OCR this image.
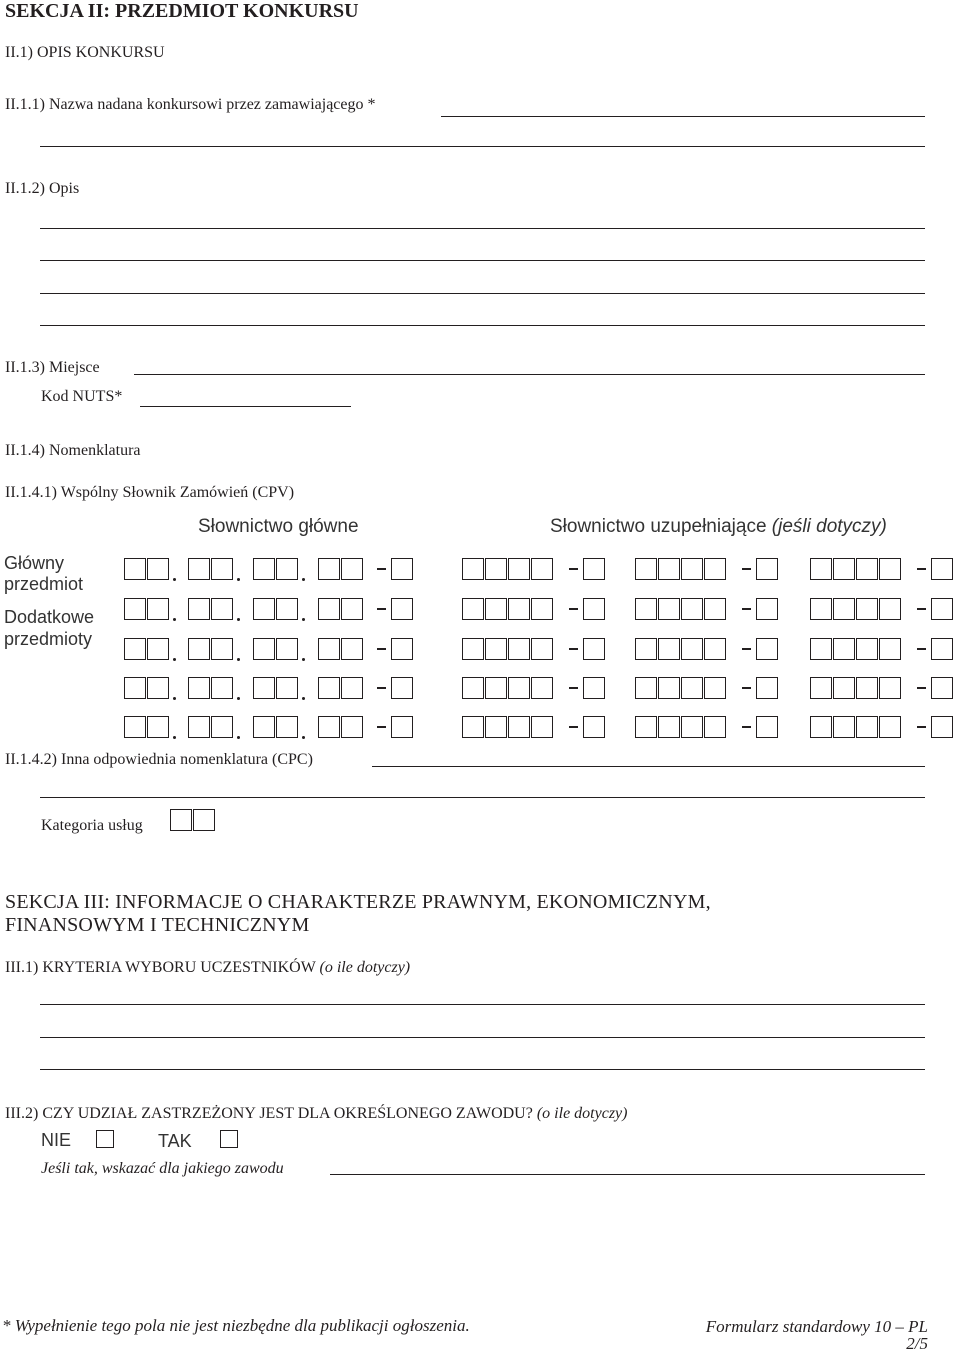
SEKCJA II: PRZEDMIOT KONKURSU
II.1) OPIS KONKURSU
II.1.1) Nazwa nadana konkursowi przez zamawiającego *
II.1.2) Opis
II.1.3) Miejsce
Kod NUTS*
II.1.4) Nomenklatura
II.1.4.1) Wspólny Słownik Zamówień (CPV)
Słownictwo główne	Słownictwo uzupełniające (jeśli dotyczy)
Główny
przedmiot
Dodatkowe
przedmioty
II.1.4.2) Inna odpowiednia nomenklatura (CPC)
Kategoria usług
SEKCJA III: INFORMACJE O CHARAKTERZE PRAWNYM, EKONOMICZNYM,
FINANSOWYM I TECHNICZNYM
III.1) KRYTERIA WYBORU UCZESTNIKÓW (o ile dotyczy)
III.2) CZY UDZIAŁ ZASTRZEŻONY JEST DLA OKREŚLONEGO ZAWODU? (o ile dotyczy)
NIE	TAK
Jeśli tak, wskazać dla jakiego zawodu
* Wypełnienie tego pola nie jest niezbędne dla publikacji ogłoszenia.	Formularz standardowy 10 – PL
2/5
